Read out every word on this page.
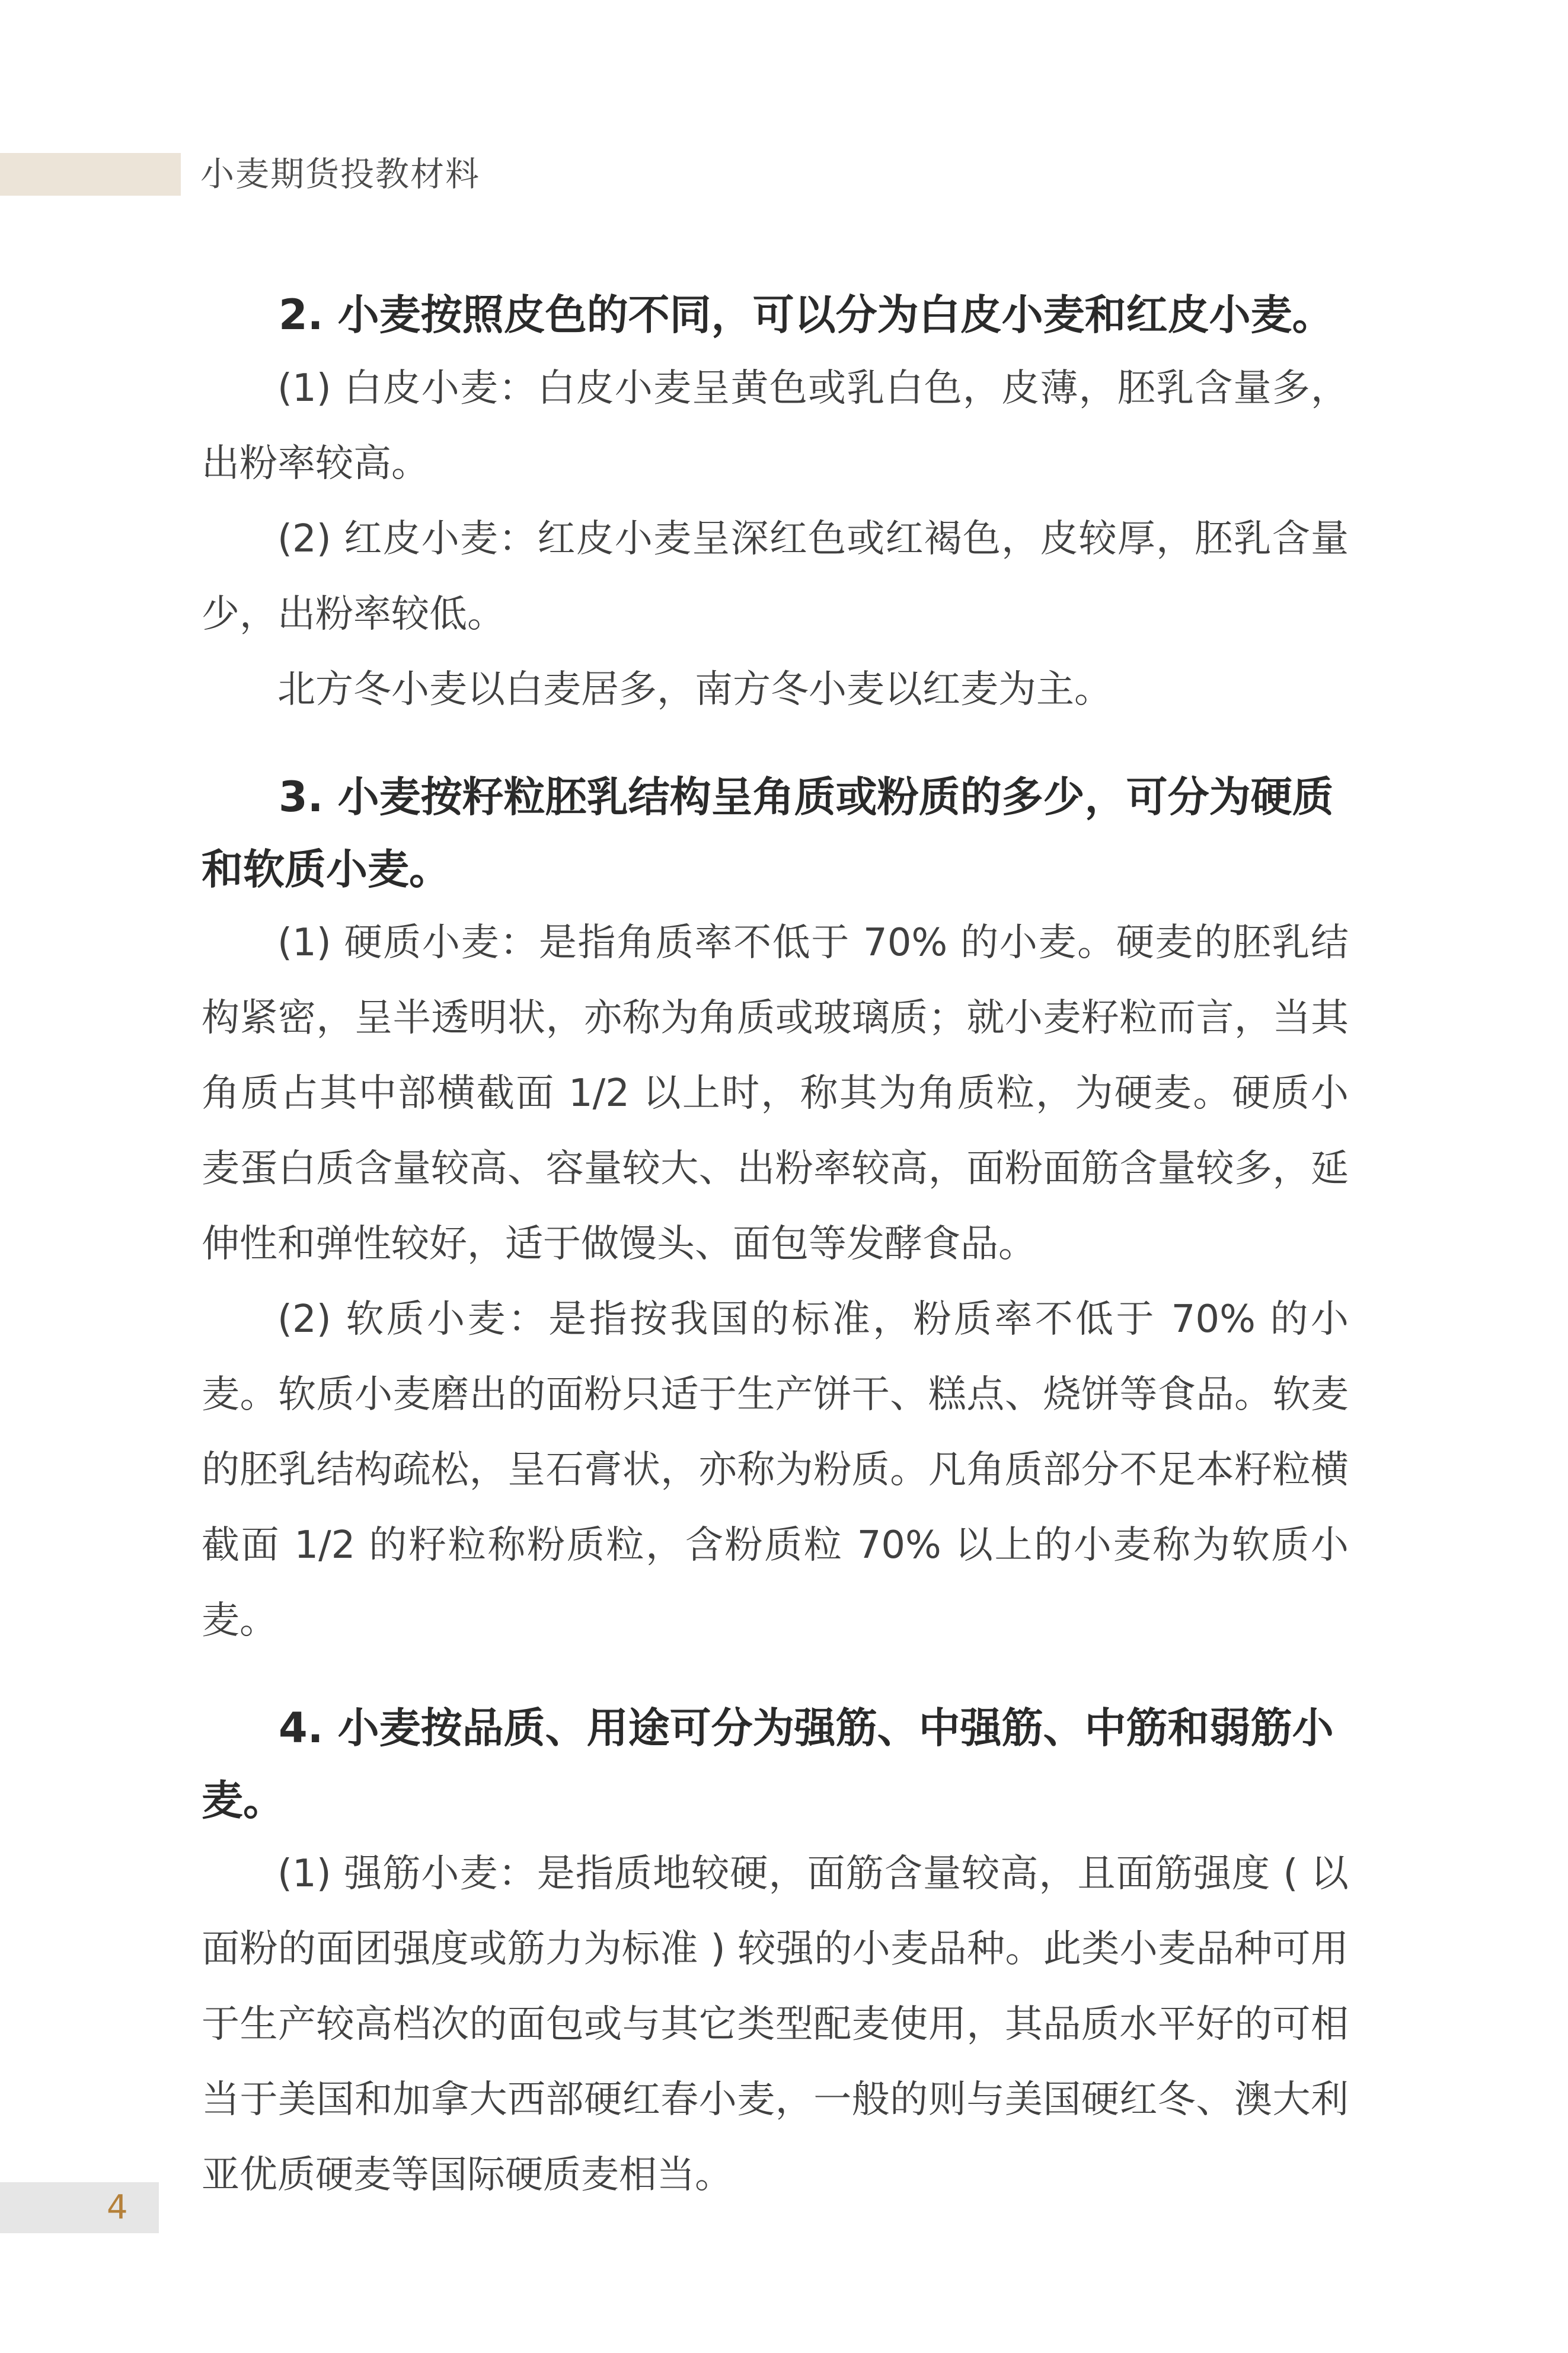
小麦期货投教材料
2. 小麦按照皮色的不同，可以分为白皮小麦和红皮小麦。

(1) 白皮小麦：白皮小麦呈黄色或乳白色，皮薄，胚乳含量多，出粉率较高。

(2) 红皮小麦：红皮小麦呈深红色或红褐色，皮较厚，胚乳含量少，出粉率较低。

北方冬小麦以白麦居多，南方冬小麦以红麦为主。

3. 小麦按籽粒胚乳结构呈角质或粉质的多少，可分为硬质和软质小麦。

(1) 硬质小麦：是指角质率不低于 70% 的小麦。硬麦的胚乳结构紧密，呈半透明状，亦称为角质或玻璃质；就小麦籽粒而言，当其角质占其中部横截面 1/2 以上时，称其为角质粒，为硬麦。硬质小麦蛋白质含量较高、容量较大、出粉率较高，面粉面筋含量较多，延伸性和弹性较好，适于做馒头、面包等发酵食品。

(2) 软质小麦：是指按我国的标准，粉质率不低于 70% 的小麦。软质小麦磨出的面粉只适于生产饼干、糕点、烧饼等食品。软麦的胚乳结构疏松，呈石膏状，亦称为粉质。凡角质部分不足本籽粒横截面 1/2 的籽粒称粉质粒，含粉质粒 70% 以上的小麦称为软质小麦。

4. 小麦按品质、用途可分为强筋、中强筋、中筋和弱筋小麦。

(1) 强筋小麦：是指质地较硬，面筋含量较高，且面筋强度 ( 以面粉的面团强度或筋力为标准 ) 较强的小麦品种。此类小麦品种可用于生产较高档次的面包或与其它类型配麦使用，其品质水平好的可相当于美国和加拿大西部硬红春小麦，一般的则与美国硬红冬、澳大利亚优质硬麦等国际硬质麦相当。

4
